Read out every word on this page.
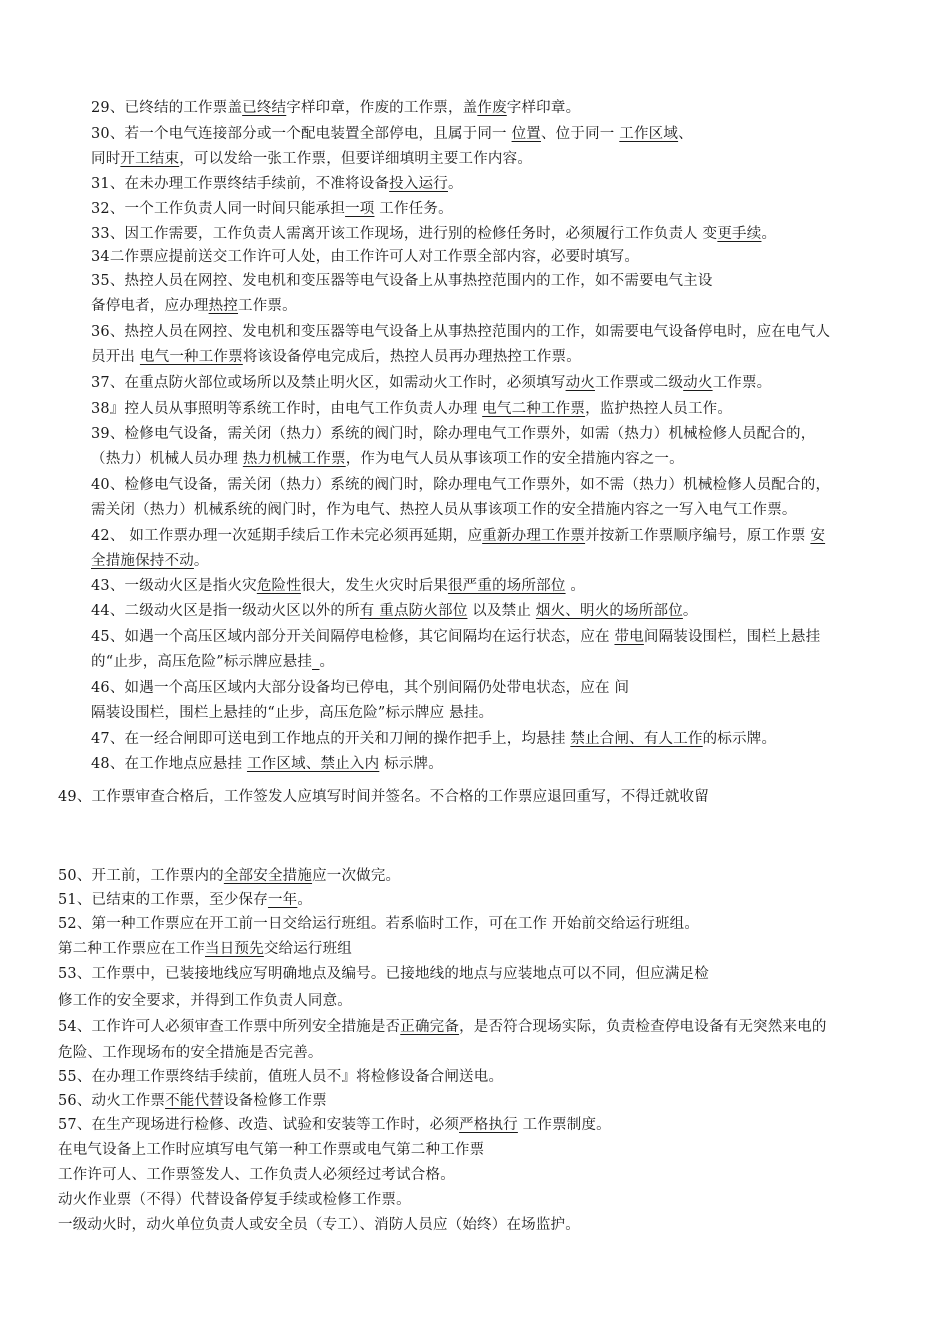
29、已终结的工作票盖已终结字样印章，作废的工作票，盖作废字样印章。
30、若一个电气连接部分或一个配电装置全部停电，且属于同一 位置、位于同一 工作区域、
同时开工结束，可以发给一张工作票，但要详细填明主要工作内容。
31、在未办理工作票终结手续前，不准将设备投入运行。
32、一个工作负责人同一时间只能承担一项 工作任务。
33、因工作需要，工作负责人需离开该工作现场，进行别的检修任务时，必须履行工作负责人 变更手续。
34二作票应提前送交工作许可人处，由工作许可人对工作票全部内容，必要时填写。
35、热控人员在网控、发电机和变压器等电气设备上从事热控范围内的工作，如不需要电气主设
备停电者，应办理热控工作票。
36、热控人员在网控、发电机和变压器等电气设备上从事热控范围内的工作，如需要电气设备停电时，应在电气人
员开出 电气一种工作票将该设备停电完成后，热控人员再办理热控工作票。
37、在重点防火部位或场所以及禁止明火区，如需动火工作时，必须填写动火工作票或二级动火工作票。
38』控人员从事照明等系统工作时，由电气工作负责人办理 电气二种工作票，监护热控人员工作。
39、检修电气设备，需关闭（热力）系统的阀门时，除办理电气工作票外，如需（热力）机械检修人员配合的，
（热力）机械人员办理 热力机械工作票，作为电气人员从事该项工作的安全措施内容之一。
40、检修电气设备，需关闭（热力）系统的阀门时，除办理电气工作票外，如不需（热力）机械检修人员配合的，
需关闭（热力）机械系统的阀门时，作为电气、热控人员从事该项工作的安全措施内容之一写入电气工作票。
42、 如工作票办理一次延期手续后工作未完必须再延期，应重新办理工作票并按新工作票顺序编号，原工作票 安
全措施保持不动。
43、一级动火区是指火灾危险性很大，发生火灾时后果很严重的场所部位 。
44、二级动火区是指一级动火区以外的所有 重点防火部位 以及禁止 烟火、明火的场所部位。
45、如遇一个高压区域内部分开关间隔停电检修，其它间隔均在运行状态，应在 带电间隔装设围栏，围栏上悬挂
的“止步，高压危险”标示牌应悬挂_。
46、如遇一个高压区域内大部分设备均已停电，其个别间隔仍处带电状态，应在 间
隔装设围栏，围栏上悬挂的“止步，高压危险”标示牌应 悬挂。
47、在一经合闸即可送电到工作地点的开关和刀闸的操作把手上，均悬挂 禁止合闸、有人工作的标示牌。
48、在工作地点应悬挂 工作区域、禁止入内 标示牌。
49、工作票审查合格后，工作签发人应填写时间并签名。不合格的工作票应退回重写，不得迁就收留
50、开工前，工作票内的全部安全措施应一次做完。
51、已结束的工作票，至少保存一年。
52、第一种工作票应在开工前一日交给运行班组。若系临时工作，可在工作 开始前交给运行班组。
第二种工作票应在工作当日预先交给运行班组
53、工作票中，已装接地线应写明确地点及编号。已接地线的地点与应装地点可以不同，但应满足检
修工作的安全要求，并得到工作负责人同意。
54、工作许可人必须审查工作票中所列安全措施是否正确完备，是否符合现场实际，负责检查停电设备有无突然来电的
危险、工作现场布的安全措施是否完善。
55、在办理工作票终结手续前，值班人员不』将检修设备合闸送电。
56、动火工作票不能代替设备检修工作票
57、在生产现场进行检修、改造、试验和安装等工作时，必须严格执行 工作票制度。
在电气设备上工作时应填写电气第一种工作票或电气第二种工作票
工作许可人、工作票签发人、工作负责人必须经过考试合格。
动火作业票（不得）代替设备停复手续或检修工作票。
一级动火时，动火单位负责人或安全员（专工）、消防人员应（始终）在场监护。
